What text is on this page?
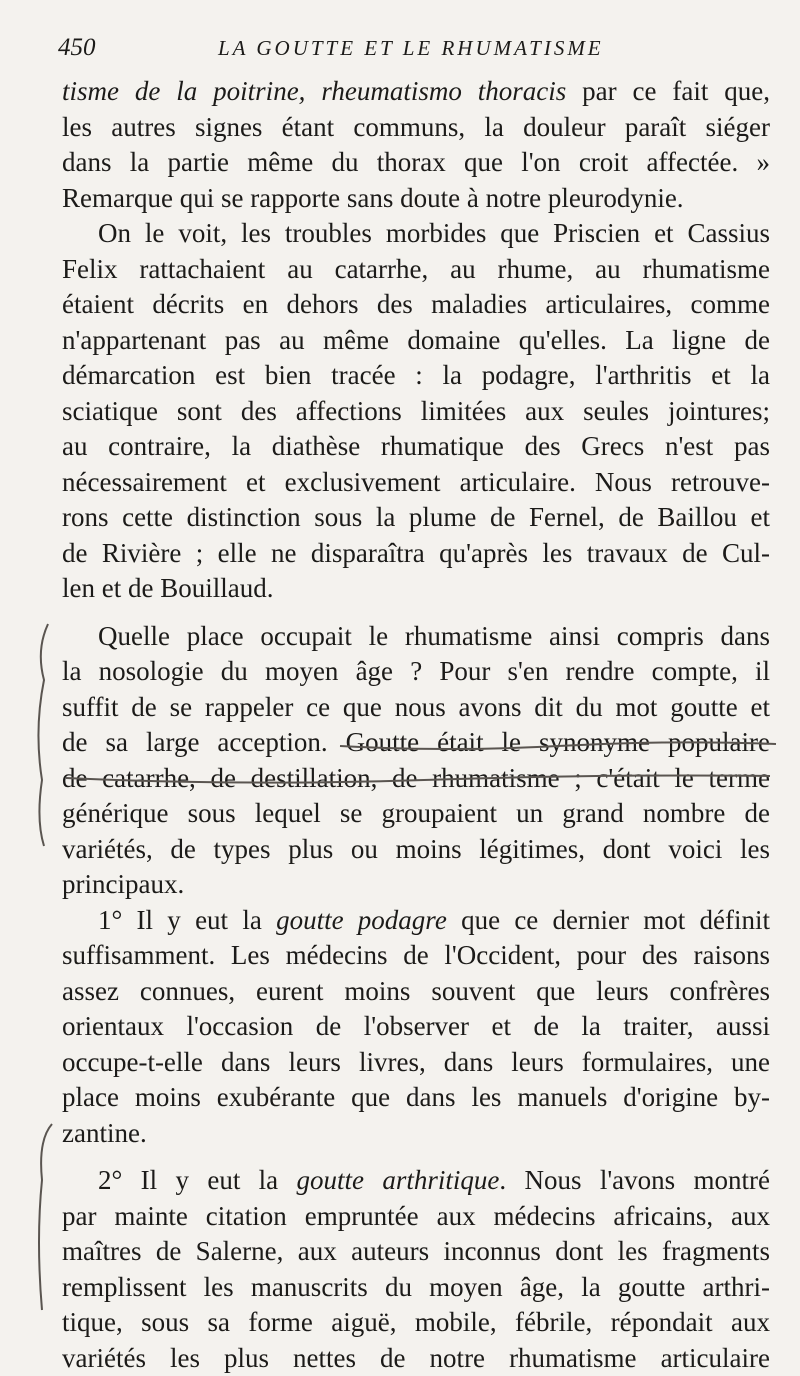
450	LA GOUTTE ET LE RHUMATISME
tisme de la poitrine, rheumatismo thoracis par ce fait que,
les autres signes étant communs, la douleur paraît siéger
dans la partie même du thorax que l'on croit affectée. »
Remarque qui se rapporte sans doute à notre pleurodynie.
On le voit, les troubles morbides que Priscien et Cassius
Felix rattachaient au catarrhe, au rhume, au rhumatisme
étaient décrits en dehors des maladies articulaires, comme
n'appartenant pas au même domaine qu'elles. La ligne de
démarcation est bien tracée : la podagre, l'arthritis et la
sciatique sont des affections limitées aux seules jointures;
au contraire, la diathèse rhumatique des Grecs n'est pas
nécessairement et exclusivement articulaire. Nous retrouve-
rons cette distinction sous la plume de Fernel, de Baillou et
de Rivière ; elle ne disparaîtra qu'après les travaux de Cul-
len et de Bouillaud.
Quelle place occupait le rhumatisme ainsi compris dans
la nosologie du moyen âge ? Pour s'en rendre compte, il
suffit de se rappeler ce que nous avons dit du mot goutte et
de sa large acception. Goutte était le synonyme populaire
de catarrhe, de destillation, de rhumatisme ; c'était le terme
générique sous lequel se groupaient un grand nombre de
variétés, de types plus ou moins légitimes, dont voici les
principaux.
1° Il y eut la goutte podagre que ce dernier mot définit
suffisamment. Les médecins de l'Occident, pour des raisons
assez connues, eurent moins souvent que leurs confrères
orientaux l'occasion de l'observer et de la traiter, aussi
occupe-t-elle dans leurs livres, dans leurs formulaires, une
place moins exubérante que dans les manuels d'origine by-
zantine.
2° Il y eut la goutte arthritique. Nous l'avons montré
par mainte citation empruntée aux médecins africains, aux
maîtres de Salerne, aux auteurs inconnus dont les fragments
remplissent les manuscrits du moyen âge, la goutte arthri-
tique, sous sa forme aiguë, mobile, fébrile, répondait aux
variétés les plus nettes de notre rhumatisme articulaire
